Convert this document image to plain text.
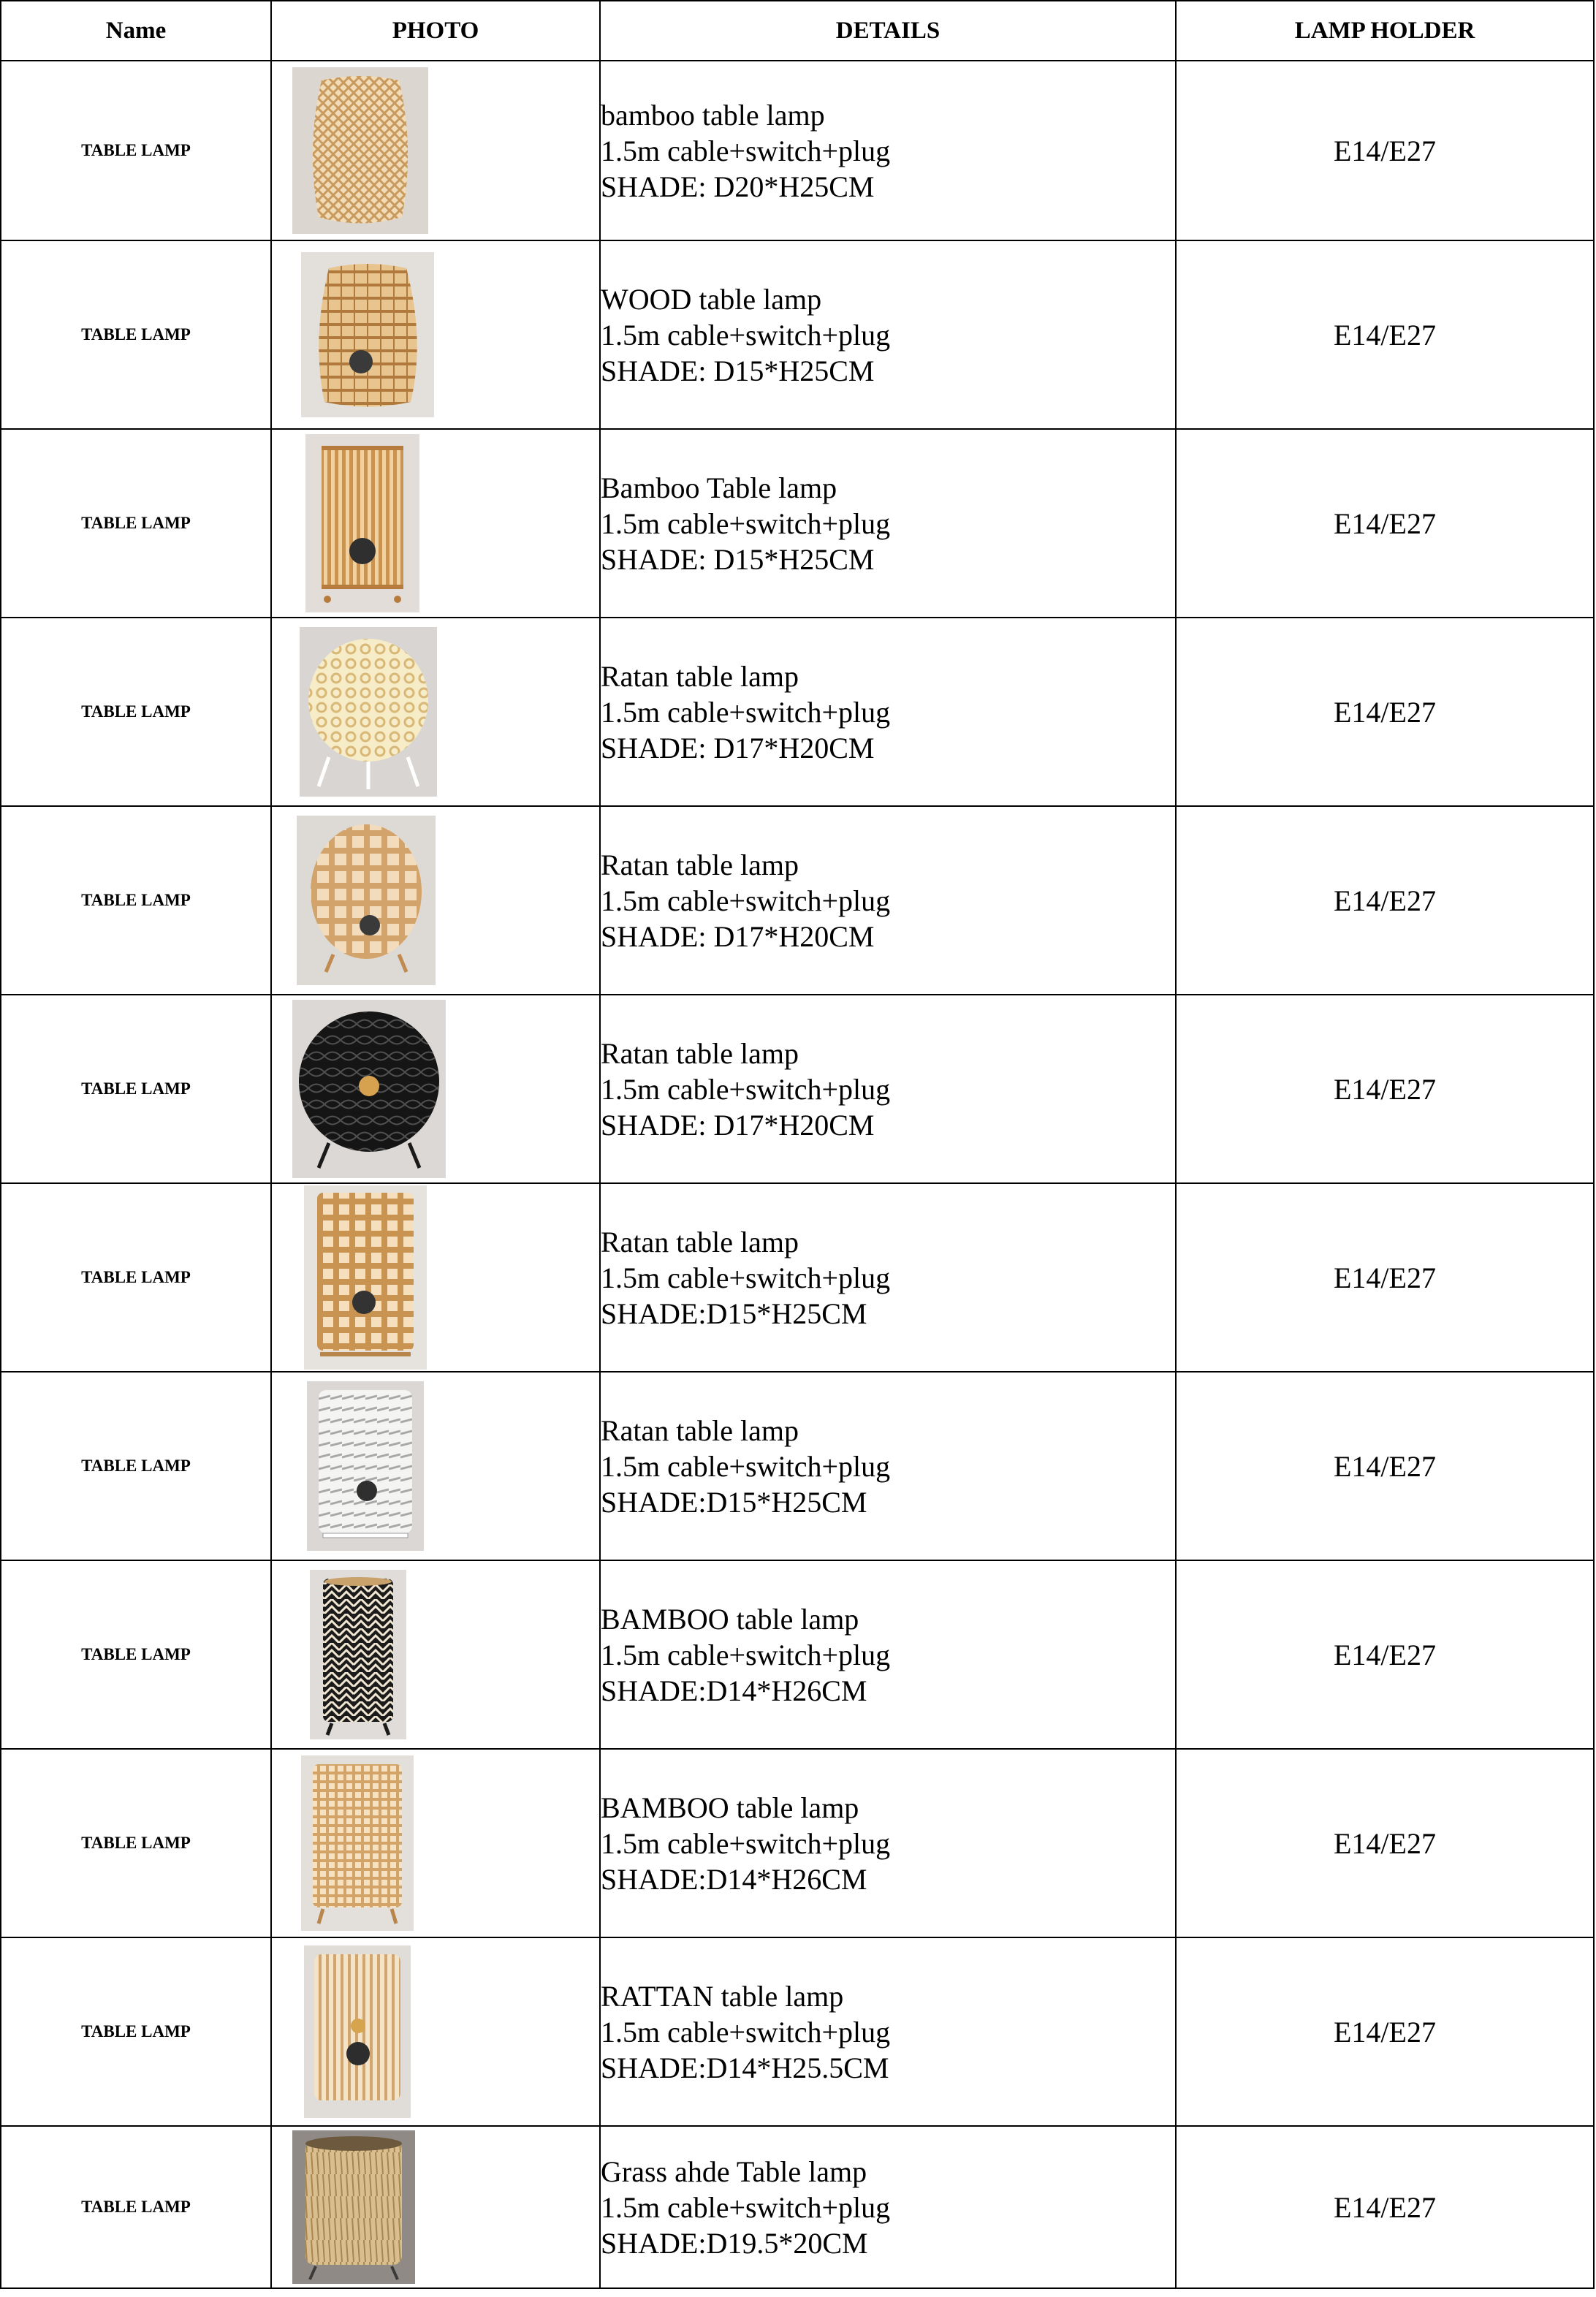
Name	PHOTO	DETAILS	LAMP HOLDER
TABLE LAMP		bamboo table lamp
1.5m cable+switch+plug
SHADE: D20*H25CM	E14/E27
TABLE LAMP		WOOD table lamp
1.5m cable+switch+plug
SHADE: D15*H25CM	E14/E27
TABLE LAMP		Bamboo Table lamp
1.5m cable+switch+plug
SHADE: D15*H25CM	E14/E27
TABLE LAMP		Ratan table lamp
1.5m cable+switch+plug
SHADE: D17*H20CM	E14/E27
TABLE LAMP		Ratan table lamp
1.5m cable+switch+plug
SHADE: D17*H20CM	E14/E27
TABLE LAMP		Ratan table lamp
1.5m cable+switch+plug
SHADE: D17*H20CM	E14/E27
TABLE LAMP		Ratan table lamp
1.5m cable+switch+plug
SHADE:D15*H25CM	E14/E27
TABLE LAMP		Ratan table lamp
1.5m cable+switch+plug
SHADE:D15*H25CM	E14/E27
TABLE LAMP		BAMBOO table lamp
1.5m cable+switch+plug
SHADE:D14*H26CM	E14/E27
TABLE LAMP		BAMBOO table lamp
1.5m cable+switch+plug
SHADE:D14*H26CM	E14/E27
TABLE LAMP		RATTAN table lamp
1.5m cable+switch+plug
SHADE:D14*H25.5CM	E14/E27
TABLE LAMP		Grass ahde Table lamp
1.5m cable+switch+plug
SHADE:D19.5*20CM	E14/E27
